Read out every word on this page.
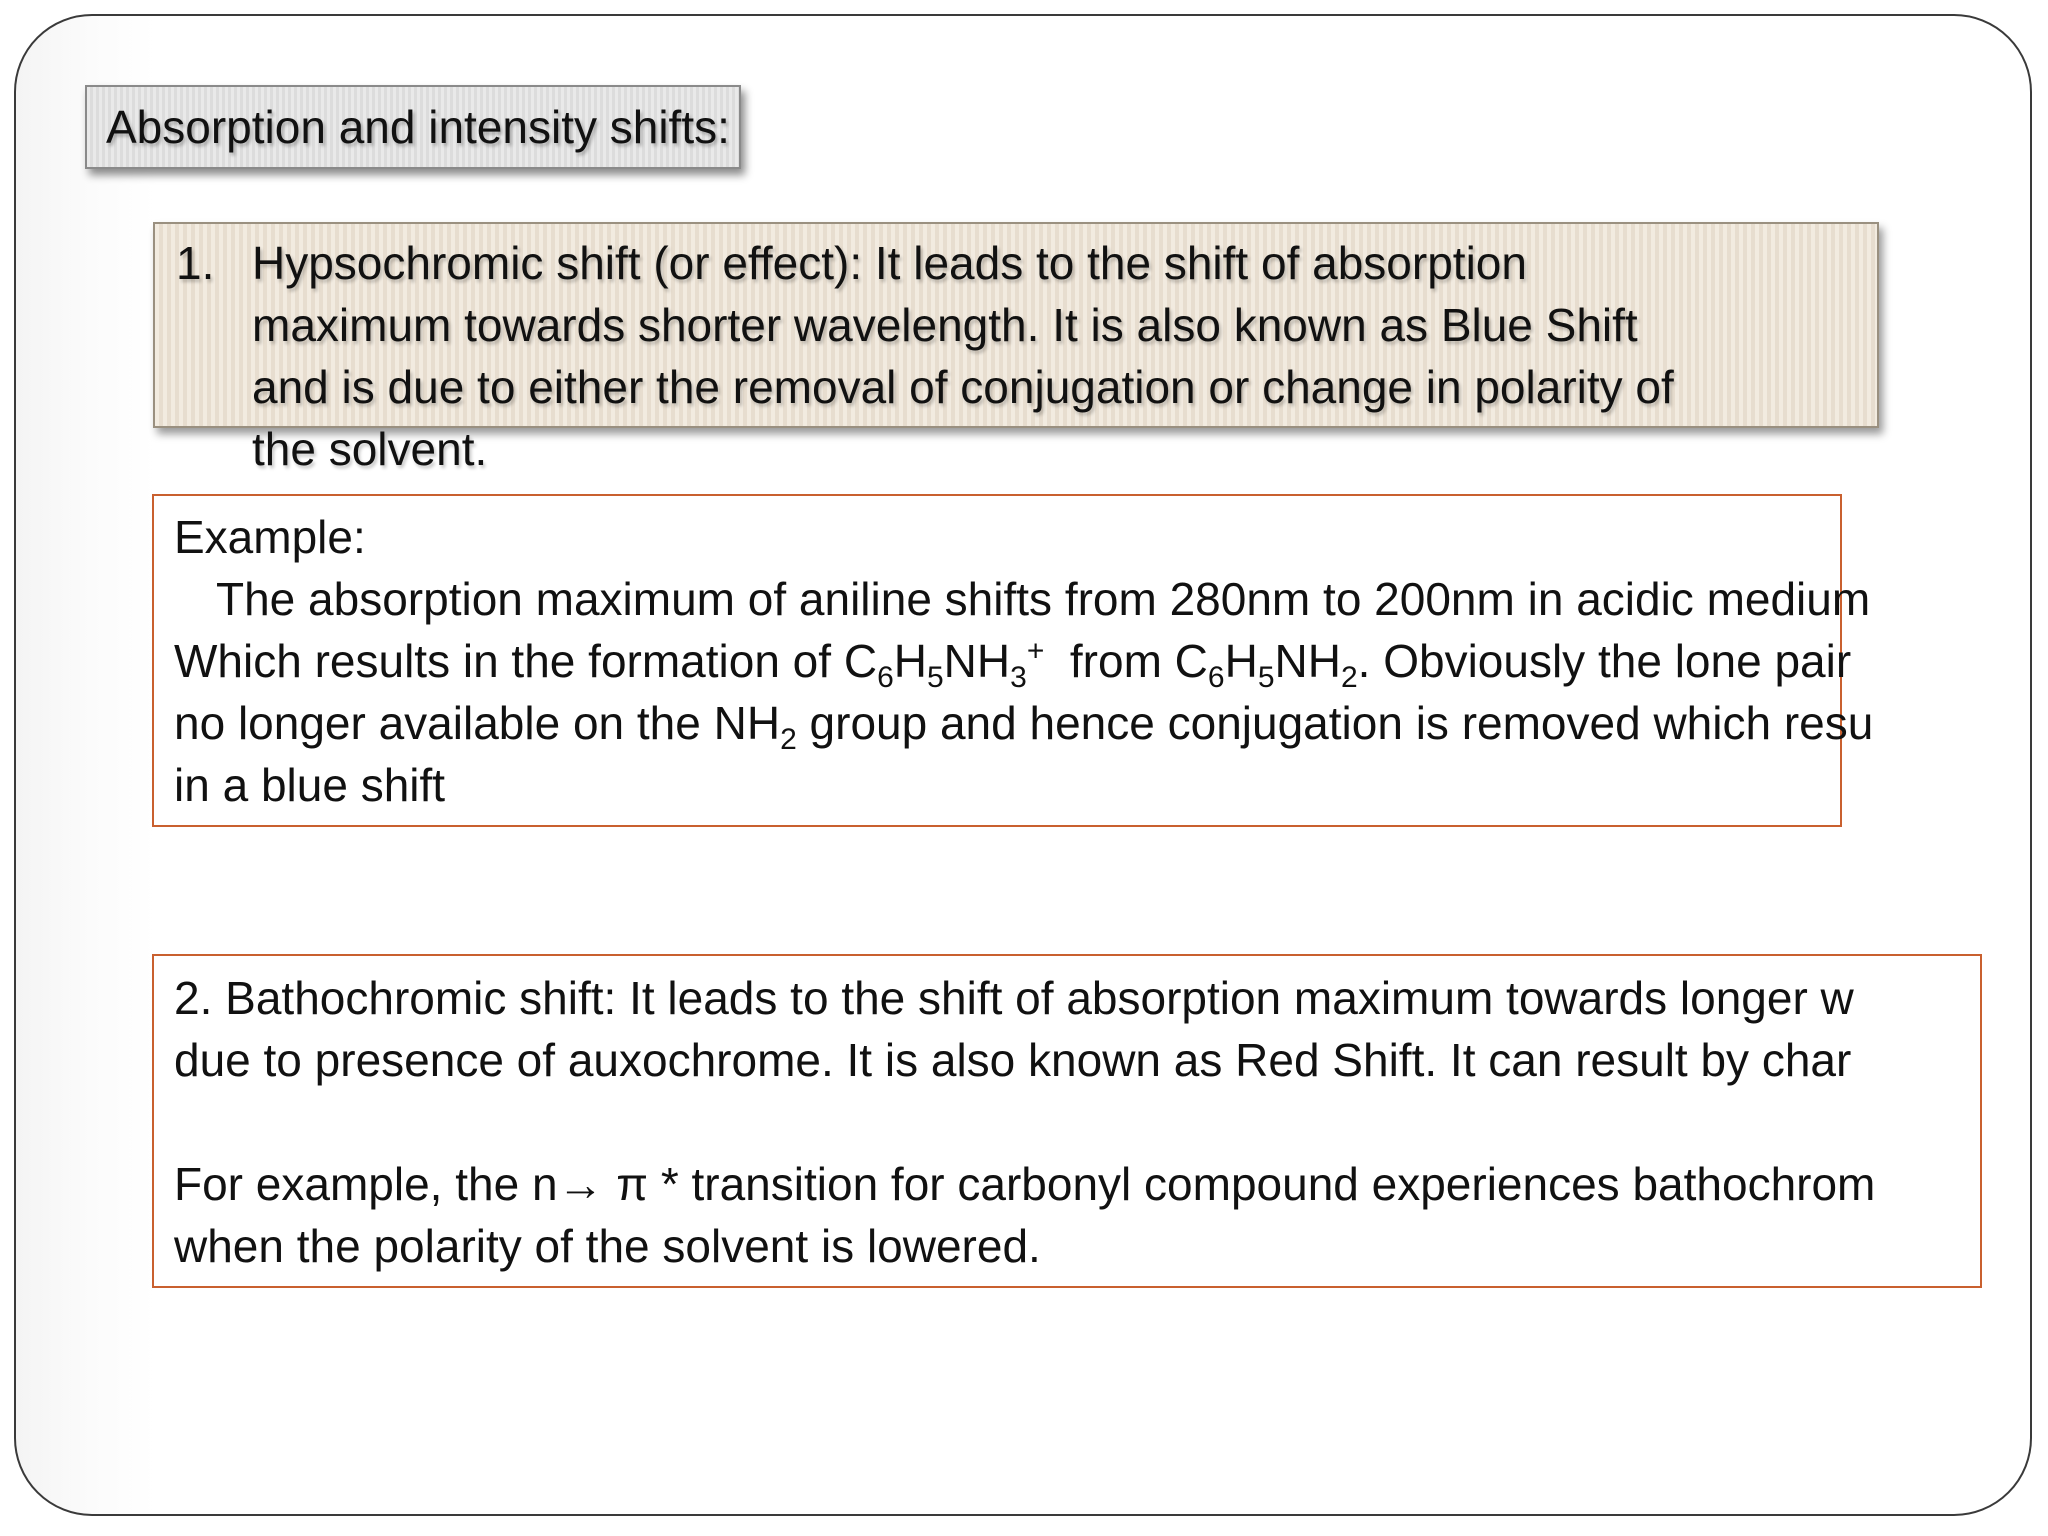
Absorption and intensity shifts:
1. Hypsochromic shift (or effect): It leads to the shift of absorption
maximum towards shorter wavelength. It is also known as Blue Shift
and is due to either the removal of conjugation or change in polarity of
the solvent.
Example:
The absorption maximum of aniline shifts from 280nm to 200nm in acidic medium
Which results in the formation of $C_6H_5NH_3^+$  from $C_6H_5NH_2$. Obviously the lone pair
no longer available on the $NH_2$ group and hence conjugation is removed which resu
in a blue shift
2. Bathochromic shift: It leads to the shift of absorption maximum towards longer w
due to presence of auxochrome. It is also known as Red Shift. It can result by char
For example, the n→ π * transition for carbonyl compound experiences bathochrom
when the polarity of the solvent is lowered.
